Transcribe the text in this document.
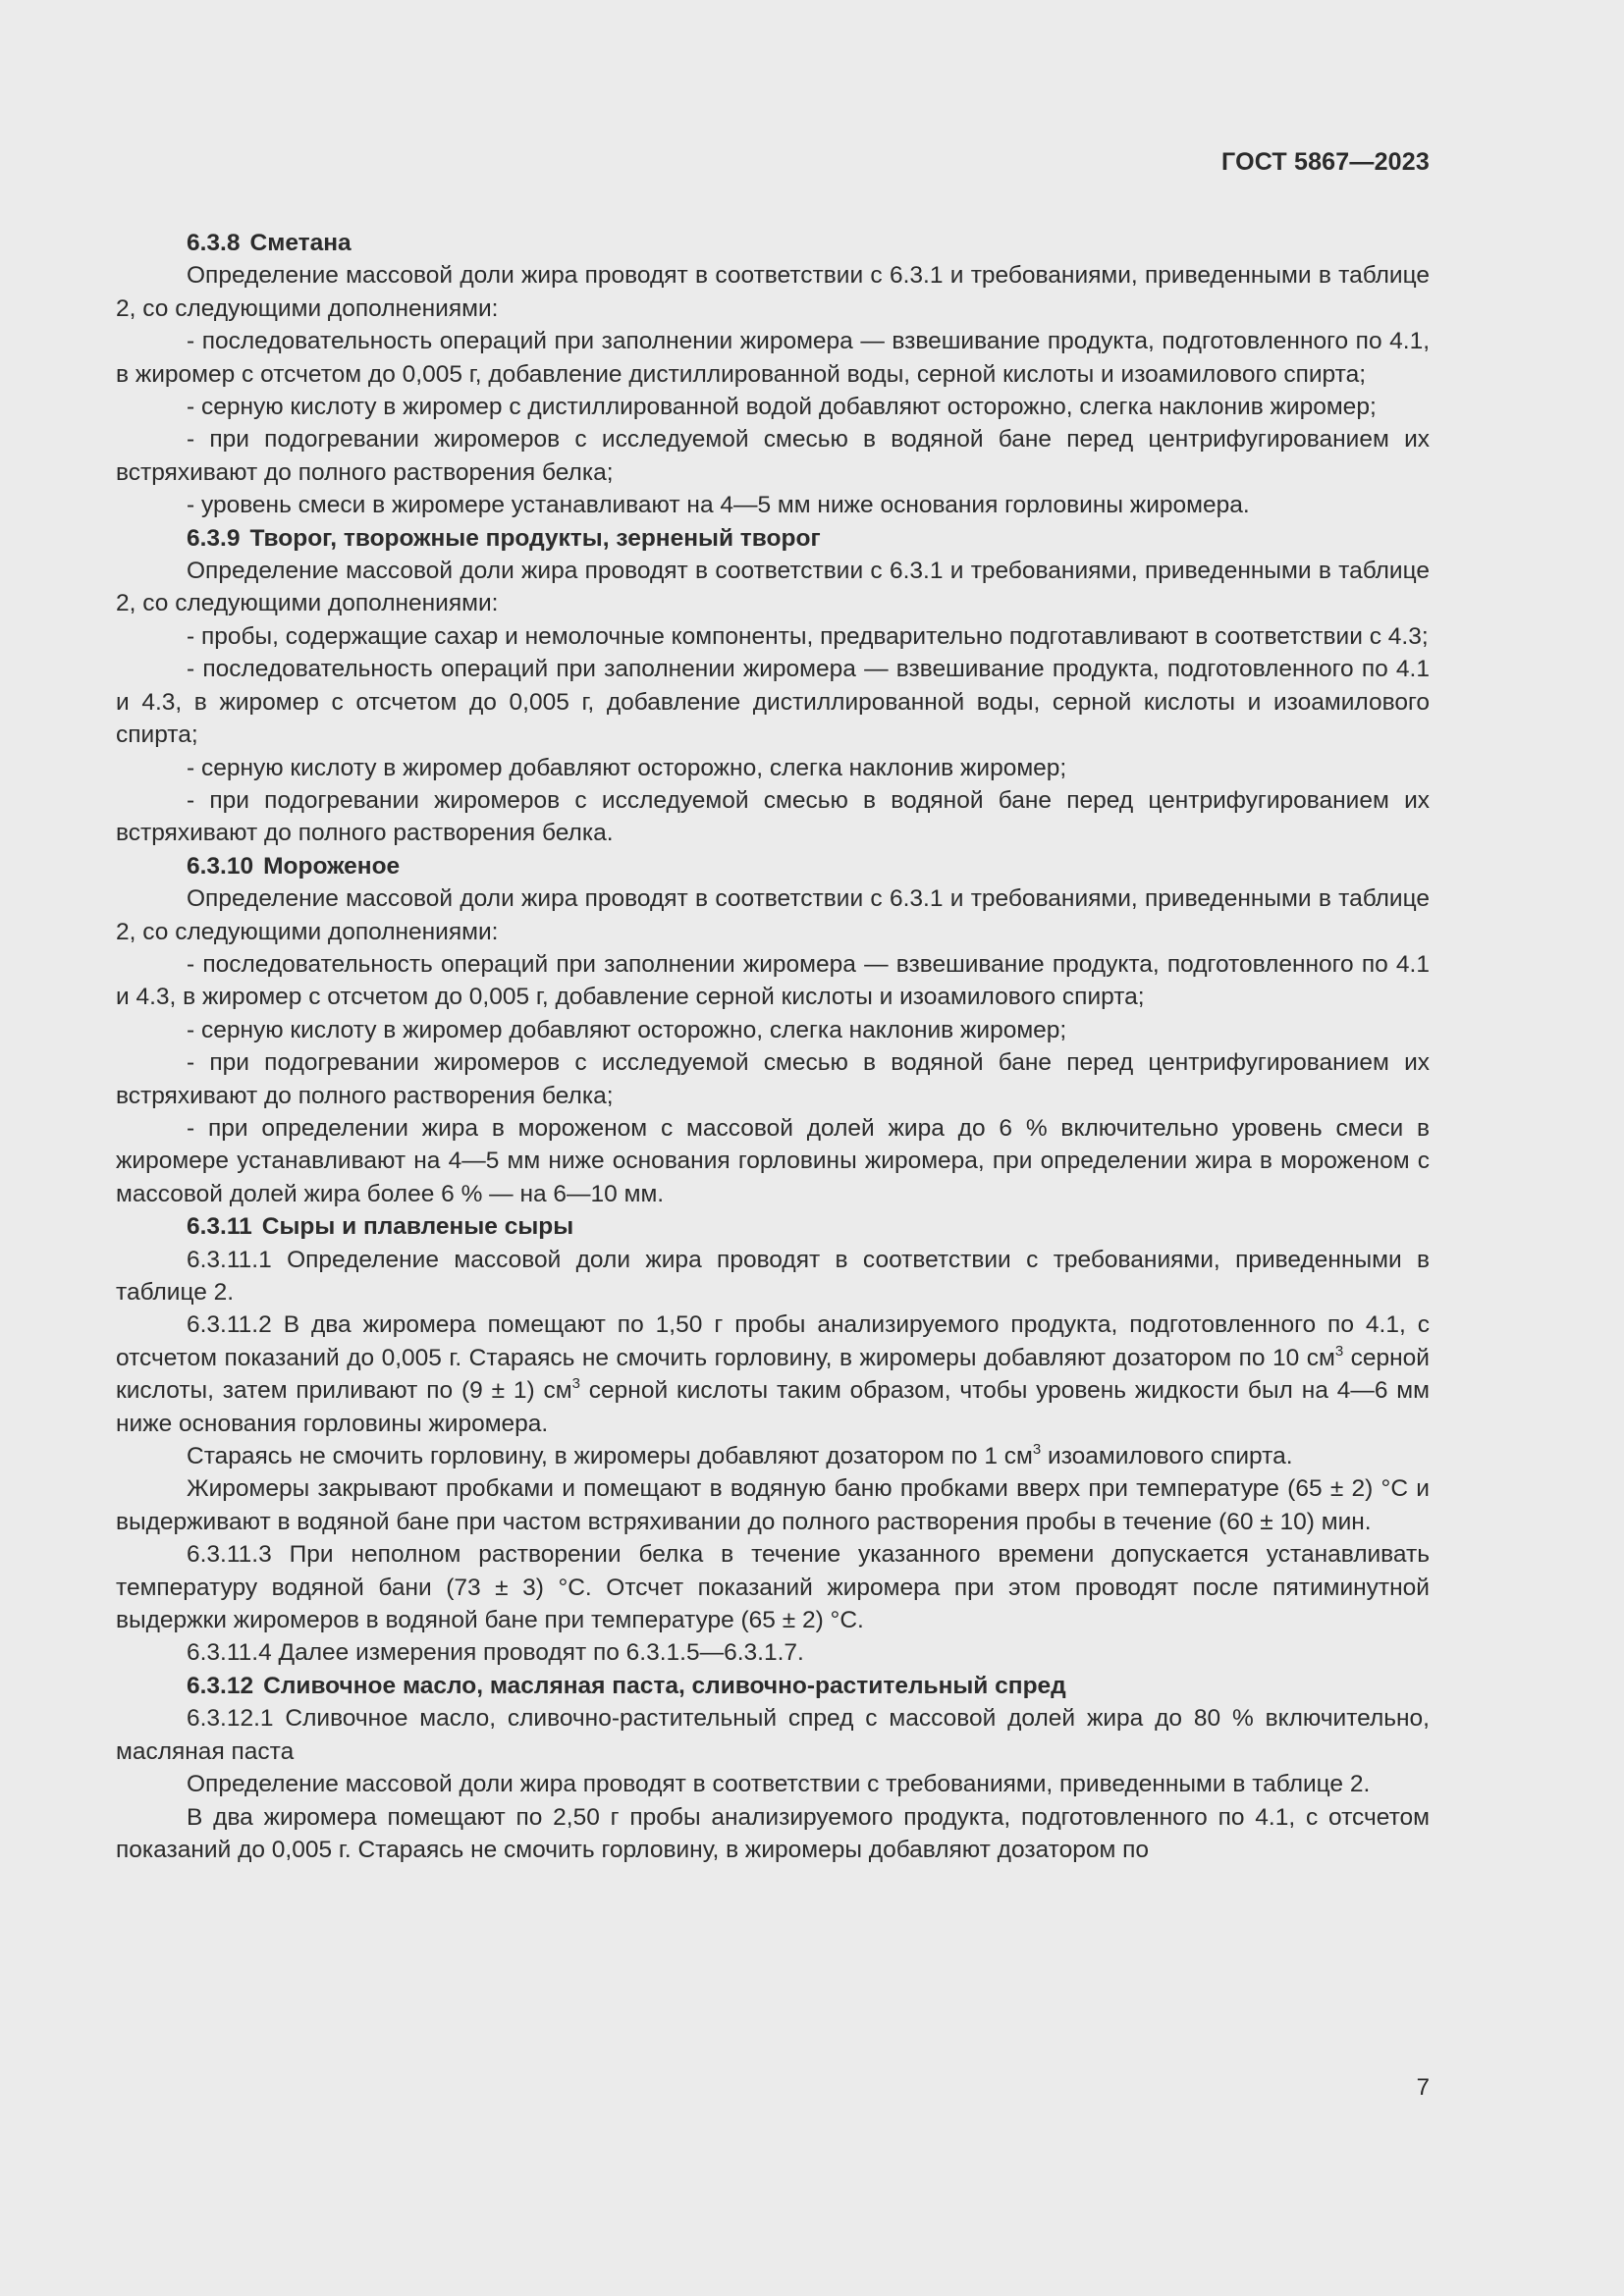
ГОСТ 5867—2023

6.3.8 Сметана

Определение массовой доли жира проводят в соответствии с 6.3.1 и требованиями, приведенными в таблице 2, со следующими дополнениями:

- последовательность операций при заполнении жиромера — взвешивание продукта, подготовленного по 4.1, в жиромер с отсчетом до 0,005 г, добавление дистиллированной воды, серной кислоты и изоамилового спирта;

- серную кислоту в жиромер с дистиллированной водой добавляют осторожно, слегка наклонив жиромер;

- при подогревании жиромеров с исследуемой смесью в водяной бане перед центрифугированием их встряхивают до полного растворения белка;

- уровень смеси в жиромере устанавливают на 4—5 мм ниже основания горловины жиромера.

6.3.9 Творог, творожные продукты, зерненый творог

Определение массовой доли жира проводят в соответствии с 6.3.1 и требованиями, приведенными в таблице 2, со следующими дополнениями:

- пробы, содержащие сахар и немолочные компоненты, предварительно подготавливают в соответствии с 4.3;

- последовательность операций при заполнении жиромера — взвешивание продукта, подготовленного по 4.1 и 4.3, в жиромер с отсчетом до 0,005 г, добавление дистиллированной воды, серной кислоты и изоамилового спирта;

- серную кислоту в жиромер добавляют осторожно, слегка наклонив жиромер;

- при подогревании жиромеров с исследуемой смесью в водяной бане перед центрифугированием их встряхивают до полного растворения белка.

6.3.10 Мороженое

Определение массовой доли жира проводят в соответствии с 6.3.1 и требованиями, приведенными в таблице 2, со следующими дополнениями:

- последовательность операций при заполнении жиромера — взвешивание продукта, подготовленного по 4.1 и 4.3, в жиромер с отсчетом до 0,005 г, добавление серной кислоты и изоамилового спирта;

- серную кислоту в жиромер добавляют осторожно, слегка наклонив жиромер;

- при подогревании жиромеров с исследуемой смесью в водяной бане перед центрифугированием их встряхивают до полного растворения белка;

- при определении жира в мороженом с массовой долей жира до 6 % включительно уровень смеси в жиромере устанавливают на 4—5 мм ниже основания горловины жиромера, при определении жира в мороженом с массовой долей жира более 6 % — на 6—10 мм.

6.3.11 Сыры и плавленые сыры

6.3.11.1 Определение массовой доли жира проводят в соответствии с требованиями, приведенными в таблице 2.

6.3.11.2 В два жиромера помещают по 1,50 г пробы анализируемого продукта, подготовленного по 4.1, с отсчетом показаний до 0,005 г. Стараясь не смочить горловину, в жиромеры добавляют дозатором по 10 $см^3$ серной кислоты, затем приливают по (9 ± 1) $см^3$ серной кислоты таким образом, чтобы уровень жидкости был на 4—6 мм ниже основания горловины жиромера.

Стараясь не смочить горловину, в жиромеры добавляют дозатором по 1 $см^3$ изоамилового спирта.

Жиромеры закрывают пробками и помещают в водяную баню пробками вверх при температуре (65 ± 2) °С и выдерживают в водяной бане при частом встряхивании до полного растворения пробы в течение (60 ± 10) мин.

6.3.11.3 При неполном растворении белка в течение указанного времени допускается устанавливать температуру водяной бани (73 ± 3) °С. Отсчет показаний жиромера при этом проводят после пятиминутной выдержки жиромеров в водяной бане при температуре (65 ± 2) °С.

6.3.11.4 Далее измерения проводят по 6.3.1.5—6.3.1.7.

6.3.12 Сливочное масло, масляная паста, сливочно-растительный спред

6.3.12.1 Сливочное масло, сливочно-растительный спред с массовой долей жира до 80 % включительно, масляная паста

Определение массовой доли жира проводят в соответствии с требованиями, приведенными в таблице 2.

В два жиромера помещают по 2,50 г пробы анализируемого продукта, подготовленного по 4.1, с отсчетом показаний до 0,005 г. Стараясь не смочить горловину, в жиромеры добавляют дозатором по

7
